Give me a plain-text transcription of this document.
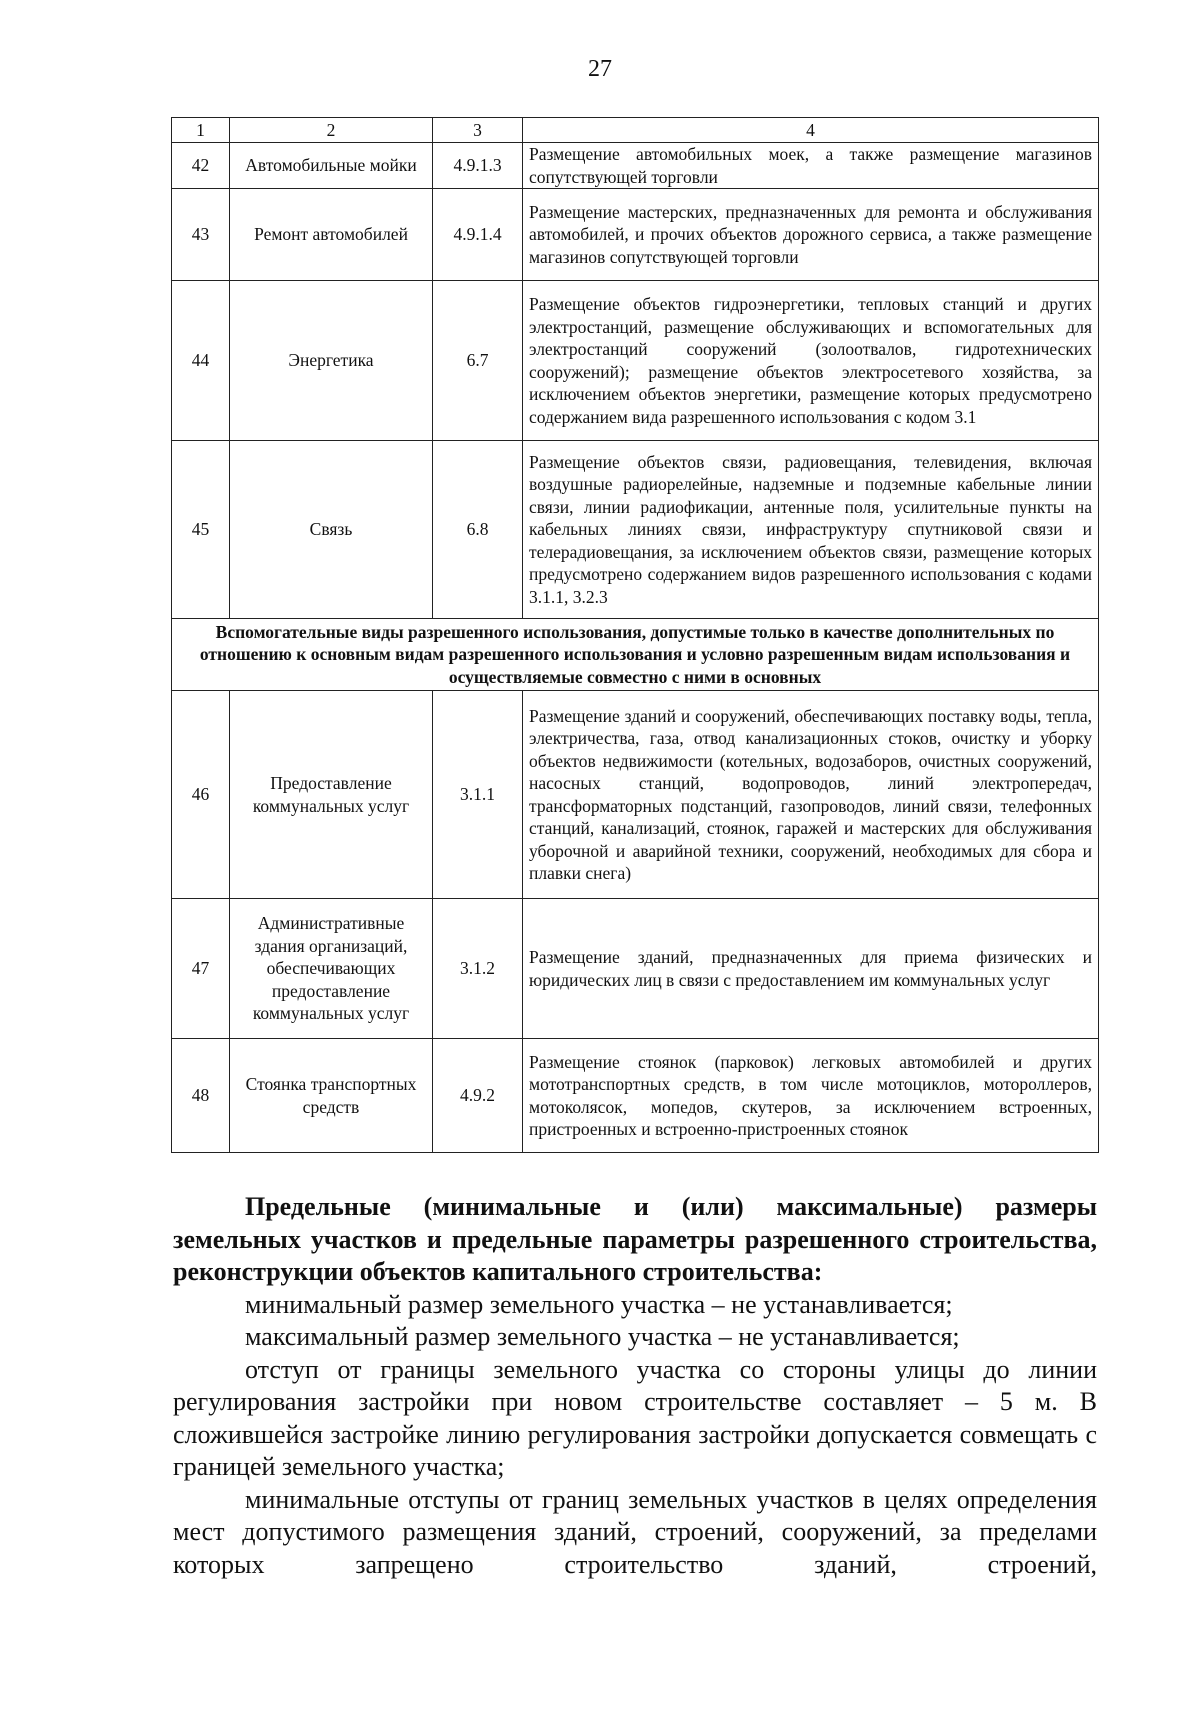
27
1	2	3	4
42	Автомобильные мойки	4.9.1.3	Размещение автомобильных моек, а также размещение магазинов сопутствующей торговли
43	Ремонт автомобилей	4.9.1.4	Размещение мастерских, предназначенных для ремонта и обслуживания автомобилей, и прочих объектов дорожного сервиса, а также размещение магазинов сопутствующей торговли
44	Энергетика	6.7	Размещение объектов гидроэнергетики, тепловых станций и других электростанций, размещение обслуживающих и вспомогательных для электростанций сооружений (золоотвалов, гидротехнических сооружений); размещение объектов электросетевого хозяйства, за исключением объектов энергетики, размещение которых предусмотрено содержанием вида разрешенного использования с кодом 3.1
45	Связь	6.8	Размещение объектов связи, радиовещания, телевидения, включая воздушные радиорелейные, надземные и подземные кабельные линии связи, линии радиофикации, антенные поля, усилительные пункты на кабельных линиях связи, инфраструктуру спутниковой связи и телерадиовещания, за исключением объектов связи, размещение которых предусмотрено содержанием видов разрешенного использования с кодами 3.1.1, 3.2.3
Вспомогательные виды разрешенного использования, допустимые только в качестве дополнительных по отношению к основным видам разрешенного использования и условно разрешенным видам использования и осуществляемые совместно с ними в основных			
46	Предоставление коммунальных услуг	3.1.1	Размещение зданий и сооружений, обеспечивающих поставку воды, тепла, электричества, газа, отвод канализационных стоков, очистку и уборку объектов недвижимости (котельных, водозаборов, очистных сооружений, насосных станций, водопроводов, линий электропередач, трансформаторных подстанций, газопроводов, линий связи, телефонных станций, канализаций, стоянок, гаражей и мастерских для обслуживания уборочной и аварийной техники, сооружений, необходимых для сбора и плавки снега)
47	Административные здания организаций, обеспечивающих предоставление коммунальных услуг	3.1.2	Размещение зданий, предназначенных для приема физических и юридических лиц в связи с предоставлением им коммунальных услуг
48	Стоянка транспортных средств	4.9.2	Размещение стоянок (парковок) легковых автомобилей и других мототранспортных средств, в том числе мотоциклов, мотороллеров, мотоколясок, мопедов, скутеров, за исключением встроенных, пристроенных и встроенно-пристроенных стоянок
Предельные (минимальные и (или) максимальные) размеры земельных участков и предельные параметры разрешенного строительства, реконструкции объектов капитального строительства:
минимальный размер земельного участка – не устанавливается;
максимальный размер земельного участка – не устанавливается;
отступ от границы земельного участка со стороны улицы до линии регулирования застройки при новом строительстве составляет – 5 м. В сложившейся застройке линию регулирования застройки допускается совмещать с границей земельного участка;
минимальные отступы от границ земельных участков в целях определения мест допустимого размещения зданий, строений, сооружений, за пределами которых запрещено строительство зданий, строений,
